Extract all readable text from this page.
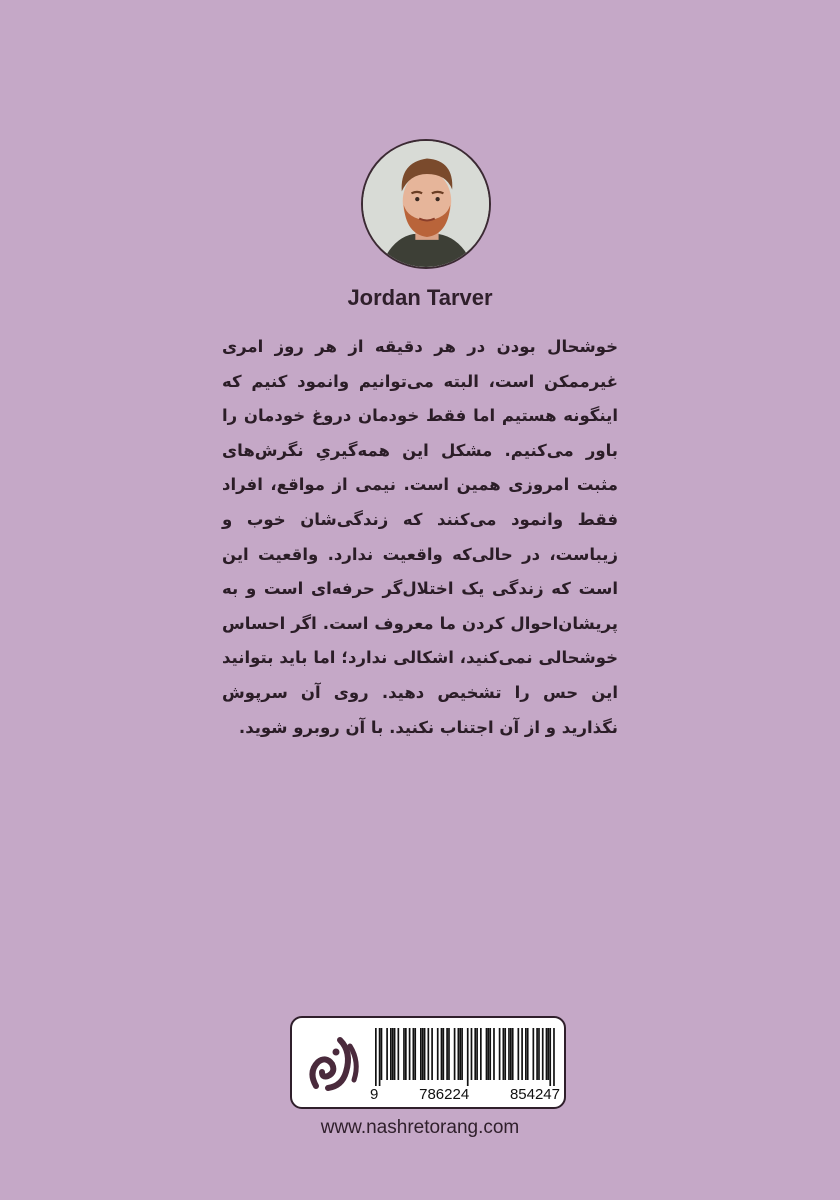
Jordan Tarver

خوشحال بودن در هر دقیقه از هر روز امری غیرممکن است، البته می‌توانیم وانمود کنیم که اینگونه هستیم اما فقط خودمان دروغ خودمان را باور می‌کنیم. مشکل این همه‌گیریِ نگرش‌های مثبت امروزی همین است. نیمی از مواقع، افراد فقط وانمود می‌کنند که زندگی‌شان خوب و زیباست، در حالی‌که واقعیت ندارد. واقعیت این است که زندگی یک اختلال‌گر حرفه‌ای است و به پریشان‌احوال کردن ما معروف است. اگر احساس خوشحالی نمی‌کنید، اشکالی ندارد؛ اما باید بتوانید این حس را تشخیص دهید. روی آن سرپوش نگذارید و از آن اجتناب نکنید. با آن روبرو شوید.

9	786224	854247
www.nashretorang.com
